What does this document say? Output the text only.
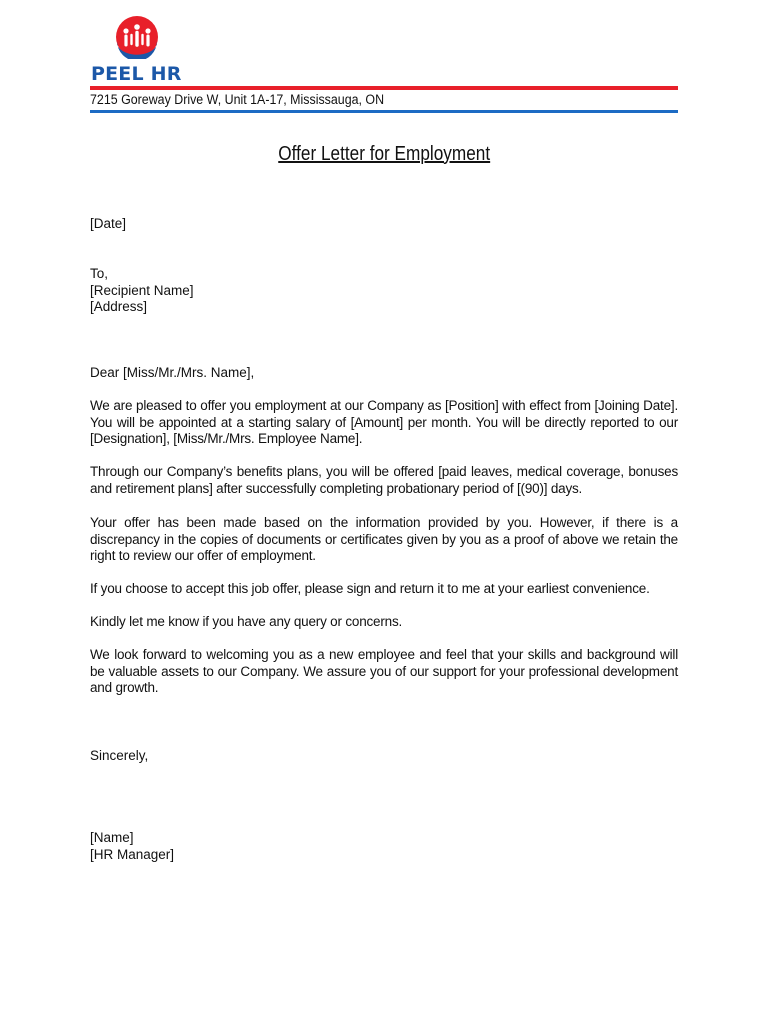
PEEL HR
7215 Goreway Drive W, Unit 1A-17, Mississauga, ON
Offer Letter for Employment
[Date]
To,
[Recipient Name]
[Address]
Dear [Miss/Mr./Mrs. Name],
We are pleased to offer you employment at our Company as [Position] with effect from [Joining Date]. You will be appointed at a starting salary of [Amount] per month. You will be directly reported to our [Designation], [Miss/Mr./Mrs. Employee Name].
Through our Company’s benefits plans, you will be offered [paid leaves, medical coverage, bonuses and retirement plans] after successfully completing probationary period of [(90)] days.
Your offer has been made based on the information provided by you. However, if there is a discrepancy in the copies of documents or certificates given by you as a proof of above we retain the right to review our offer of employment.
If you choose to accept this job offer, please sign and return it to me at your earliest convenience.
Kindly let me know if you have any query or concerns.
We look forward to welcoming you as a new employee and feel that your skills and background will be valuable assets to our Company. We assure you of our support for your professional development and growth.
Sincerely,
[Name]
[HR Manager]
